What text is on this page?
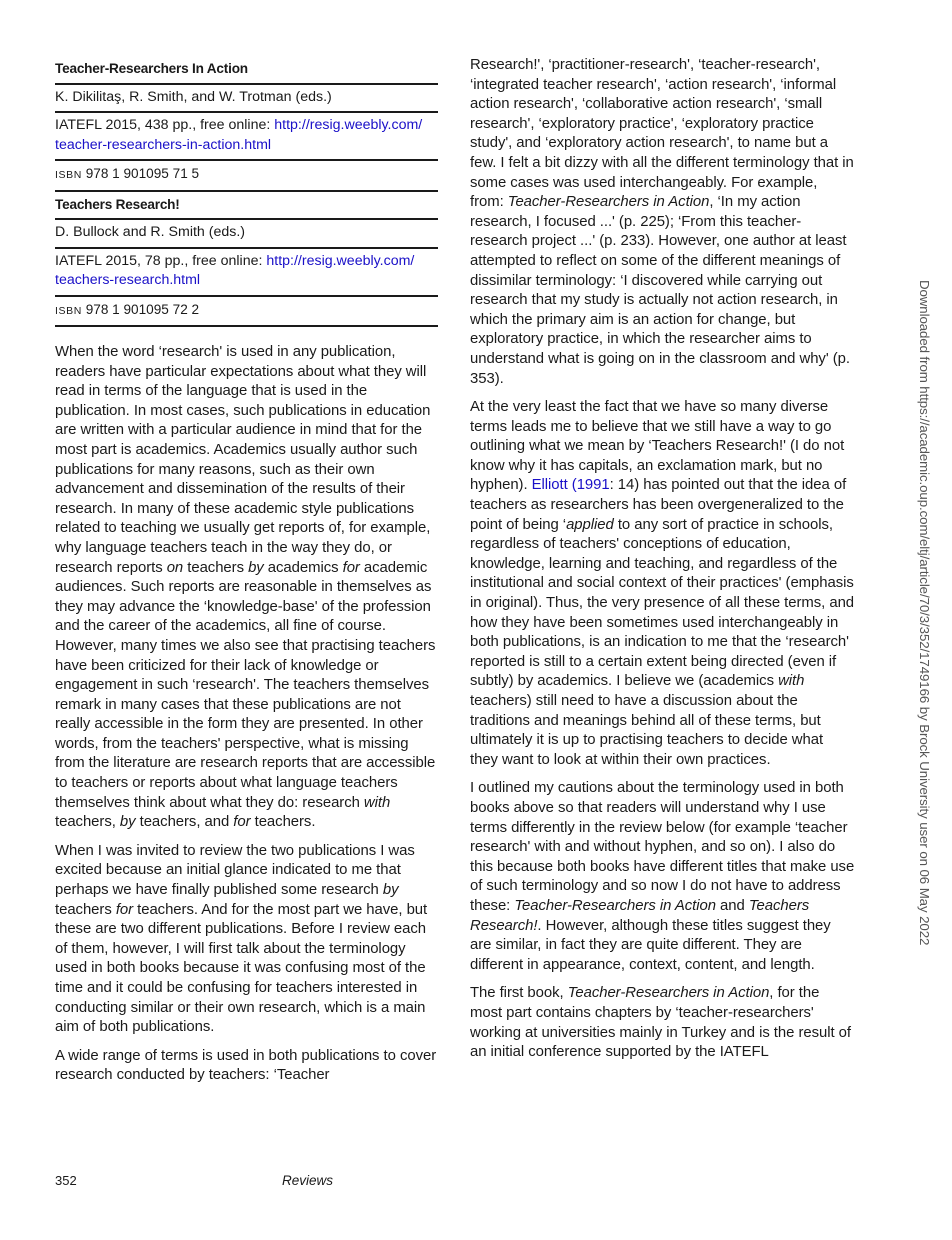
Teacher-Researchers In Action
K. Dikilitaş, R. Smith, and W. Trotman (eds.)
IATEFL 2015, 438 pp., free online: http://resig.weebly.com/
teacher-researchers-in-action.html
ISBN 978 1 901095 71 5
Teachers Research!
D. Bullock and R. Smith (eds.)
IATEFL 2015, 78 pp., free online: http://resig.weebly.com/
teachers-research.html
ISBN 978 1 901095 72 2

When the word ‘research' is used in any publication, readers have particular expectations about what they will read in terms of the language that is used in the publication. In most cases, such publications in education are written with a particular audience in mind that for the most part is academics. Academics usually author such publications for many reasons, such as their own advancement and dissemination of the results of their research. In many of these academic style publications related to teaching we usually get reports of, for example, why language teachers teach in the way they do, or research reports on teachers by academics for academic audiences. Such reports are reasonable in themselves as they may advance the ‘knowledge-base' of the profession and the career of the academics, all fine of course. However, many times we also see that practising teachers have been criticized for their lack of knowledge or engagement in such ‘research'. The teachers themselves remark in many cases that these publications are not really accessible in the form they are presented. In other words, from the teachers' perspective, what is missing from the literature are research reports that are accessible to teachers or reports about what language teachers themselves think about what they do: research with teachers, by teachers, and for teachers.

When I was invited to review the two publications I was excited because an initial glance indicated to me that perhaps we have finally published some research by teachers for teachers. And for the most part we have, but these are two different publications. Before I review each of them, however, I will first talk about the terminology used in both books because it was confusing most of the time and it could be confusing for teachers interested in conducting similar or their own research, which is a main aim of both publications.

A wide range of terms is used in both publications to cover research conducted by teachers: ‘Teacher

Research!', ‘practitioner-research', ‘teacher-research', ‘integrated teacher research', ‘action research', ‘informal action research', ‘collaborative action research', ‘small research', ‘exploratory practice', ‘exploratory practice study', and ‘exploratory action research', to name but a few. I felt a bit dizzy with all the different terminology that in some cases was used interchangeably. For example, from: Teacher-Researchers in Action, ‘In my action research, I focused ...' (p. 225); ‘From this teacher-research project ...' (p. 233). However, one author at least attempted to reflect on some of the different meanings of dissimilar terminology: ‘I discovered while carrying out research that my study is actually not action research, in which the primary aim is an action for change, but exploratory practice, in which the researcher aims to understand what is going on in the classroom and why' (p. 353).

At the very least the fact that we have so many diverse terms leads me to believe that we still have a way to go outlining what we mean by ‘Teachers Research!' (I do not know why it has capitals, an exclamation mark, but no hyphen). Elliott (1991: 14) has pointed out that the idea of teachers as researchers has been overgeneralized to the point of being ‘applied to any sort of practice in schools, regardless of teachers' conceptions of education, knowledge, learning and teaching, and regardless of the institutional and social context of their practices' (emphasis in original). Thus, the very presence of all these terms, and how they have been sometimes used interchangeably in both publications, is an indication to me that the ‘research' reported is still to a certain extent being directed (even if subtly) by academics. I believe we (academics with teachers) still need to have a discussion about the traditions and meanings behind all of these terms, but ultimately it is up to practising teachers to decide what they want to look at within their own practices.

I outlined my cautions about the terminology used in both books above so that readers will understand why I use terms differently in the review below (for example ‘teacher research' with and without hyphen, and so on). I also do this because both books have different titles that make use of such terminology and so now I do not have to address these: Teacher-Researchers in Action and Teachers Research!. However, although these titles suggest they are similar, in fact they are quite different. They are different in appearance, context, content, and length.

The first book, Teacher-Researchers in Action, for the most part contains chapters by ‘teacher-researchers' working at universities mainly in Turkey and is the result of an initial conference supported by the IATEFL

352	Reviews
Downloaded from https://academic.oup.com/eltj/article/70/3/352/1749166 by Brock University user on 06 May 2022
